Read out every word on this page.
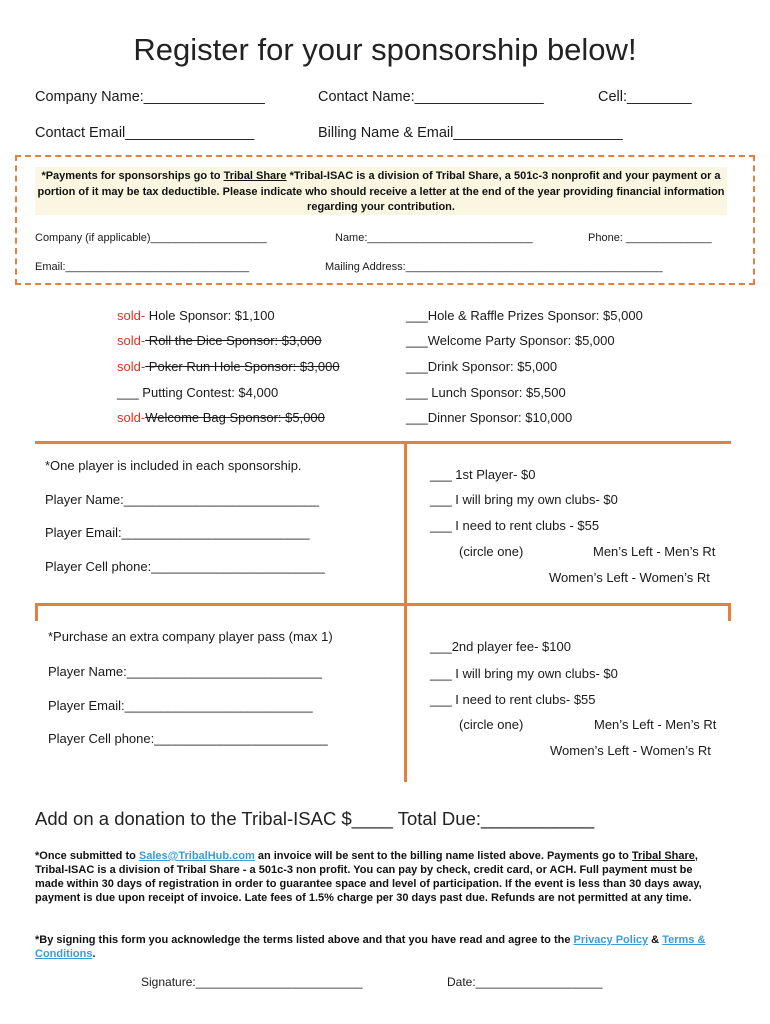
Register for your sponsorship below!
Company Name:_______________	Contact Name:________________	Cell:________
Contact Email________________	Billing Name & Email_____________________
*Payments for sponsorships go to Tribal Share *Tribal-ISAC is a division of Tribal Share, a 501c-3 nonprofit and your payment or a portion of it may be tax deductible. Please indicate who should receive a letter at the end of the year providing financial information regarding your contribution.
Company (if applicable)___________________	Name:___________________________	Phone: ______________
Email:______________________________	Mailing Address:__________________________________________
sold- Hole Sponsor: $1,100
sold- Roll the Dice Sponsor: $3,000
sold- Poker Run Hole Sponsor: $3,000
___ Putting Contest: $4,000
sold-Welcome Bag Sponsor: $5,000
___Hole & Raffle Prizes Sponsor: $5,000
___Welcome Party Sponsor: $5,000
___Drink Sponsor: $5,000
___ Lunch Sponsor: $5,500
___Dinner Sponsor: $10,000
*One player is included in each sponsorship.
Player Name:___________________________
Player Email:__________________________
Player Cell phone:________________________
___ 1st Player- $0
___ I will bring my own clubs- $0
___ I need to rent clubs - $55
(circle one)	Men’s Left - Men’s Rt
Women’s Left - Women’s Rt
*Purchase an extra company player pass (max 1)
Player Name:___________________________
Player Email:__________________________
Player Cell phone:________________________
___2nd player fee- $100
___ I will bring my own clubs- $0
___ I need to rent clubs- $55
(circle one)	Men’s Left - Men’s Rt
Women’s Left - Women’s Rt
Add on a donation to the Tribal-ISAC $____ Total Due:___________
*Once submitted to Sales@TribalHub.com an invoice will be sent to the billing name listed above. Payments go to Tribal Share, Tribal-ISAC is a division of Tribal Share - a 501c-3 non profit. You can pay by check, credit card, or ACH. Full payment must be made within 30 days of registration in order to guarantee space and level of participation. If the event is less than 30 days away, payment is due upon receipt of invoice. Late fees of 1.5% charge per 30 days past due. Refunds are not permitted at any time.
*By signing this form you acknowledge the terms listed above and that you have read and agree to the Privacy Policy & Terms & Conditions.
Signature:_________________________	Date:___________________
